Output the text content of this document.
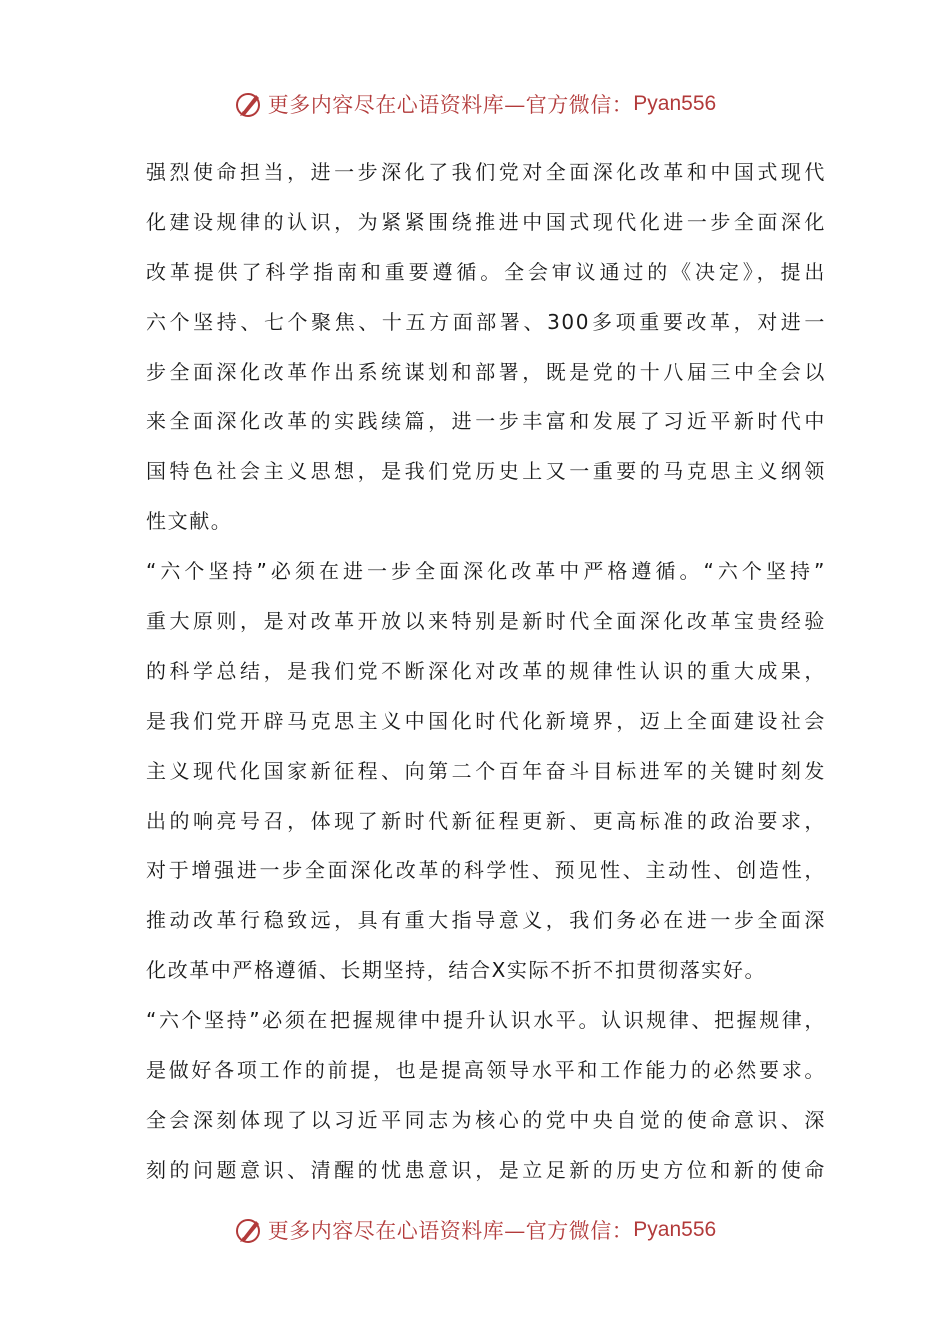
更多内容尽在心语资料库—官方微信： Pyan556
强烈使命担当，进一步深化了我们党对全面深化改革和中国式现代
化建设规律的认识，为紧紧围绕推进中国式现代化进一步全面深化
改革提供了科学指南和重要遵循。全会审议通过的《决定》，提出
六个坚持、七个聚焦、十五方面部署、300多项重要改革，对进一
步全面深化改革作出系统谋划和部署，既是党的十八届三中全会以
来全面深化改革的实践续篇，进一步丰富和发展了习近平新时代中
国特色社会主义思想，是我们党历史上又一重要的马克思主义纲领
性文献。
“六个坚持”必须在进一步全面深化改革中严格遵循。“六个坚持”
重大原则，是对改革开放以来特别是新时代全面深化改革宝贵经验
的科学总结，是我们党不断深化对改革的规律性认识的重大成果，
是我们党开辟马克思主义中国化时代化新境界，迈上全面建设社会
主义现代化国家新征程、向第二个百年奋斗目标进军的关键时刻发
出的响亮号召，体现了新时代新征程更新、更高标准的政治要求，
对于增强进一步全面深化改革的科学性、预见性、主动性、创造性，
推动改革行稳致远，具有重大指导意义，我们务必在进一步全面深
化改革中严格遵循、长期坚持，结合X实际不折不扣贯彻落实好。
“六个坚持”必须在把握规律中提升认识水平。认识规律、把握规律，
是做好各项工作的前提，也是提高领导水平和工作能力的必然要求。
全会深刻体现了以习近平同志为核心的党中央自觉的使命意识、深
刻的问题意识、清醒的忧患意识，是立足新的历史方位和新的使命
更多内容尽在心语资料库—官方微信： Pyan556
